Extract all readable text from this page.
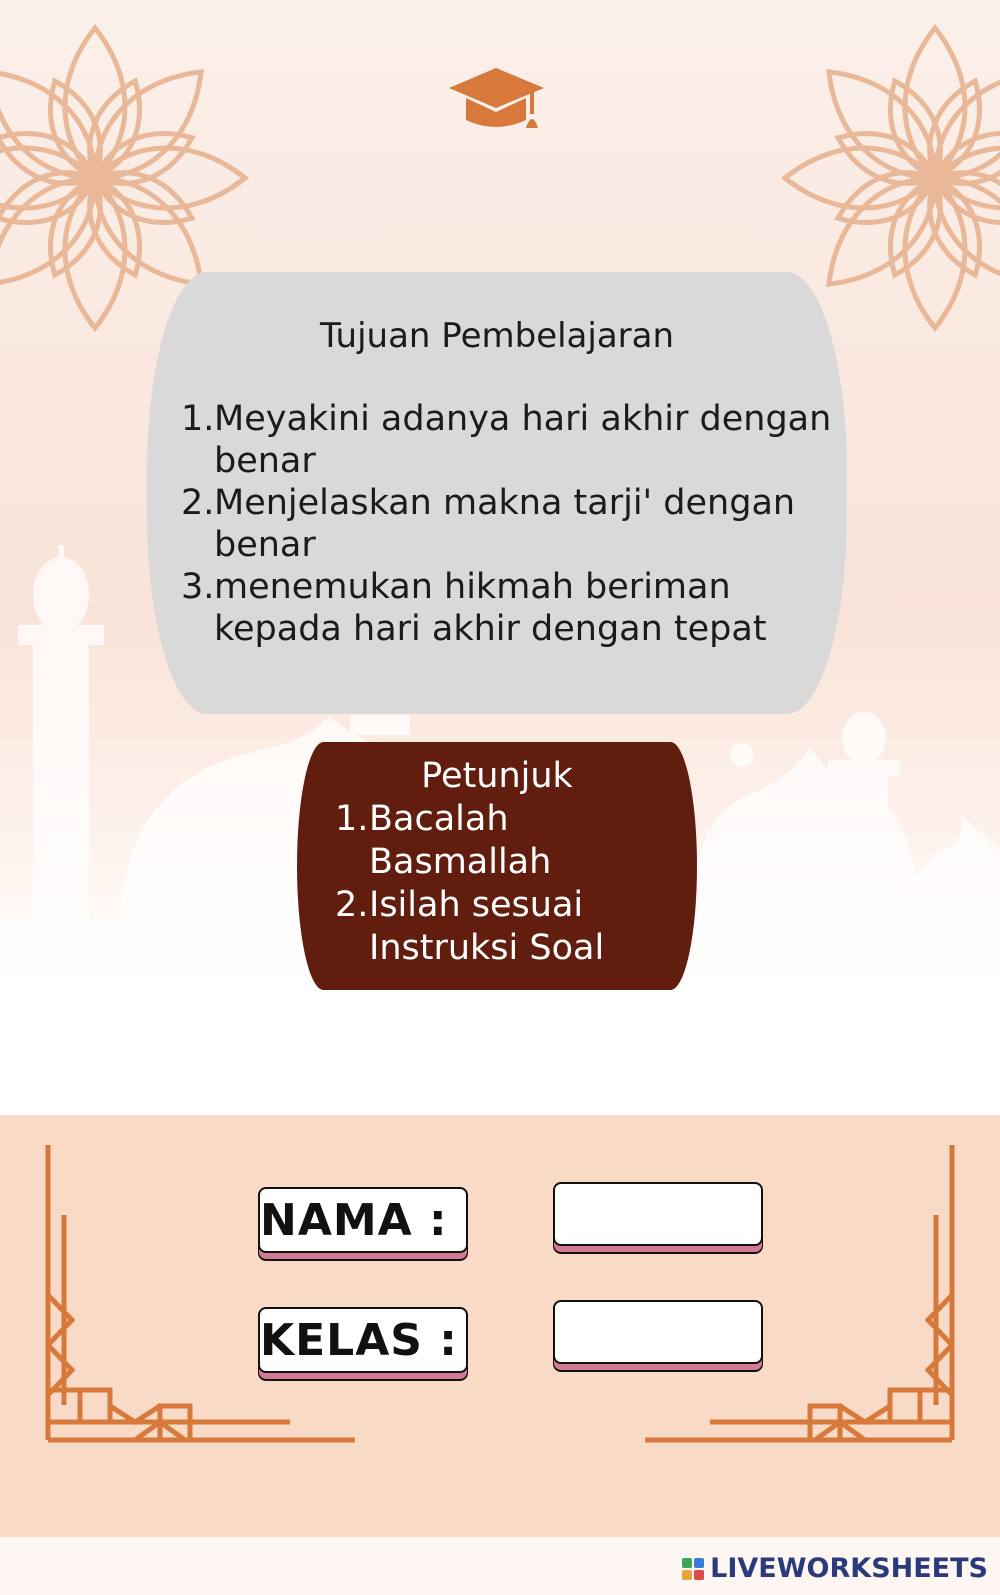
Tujuan Pembelajaran
1. Meyakini adanya hari akhir dengan benar
2. Menjelaskan makna tarji' dengan benar
3. menemukan hikmah beriman kepada hari akhir dengan tepat
Petunjuk
1. Bacalah Basmallah
2. Isilah sesuai Instruksi Soal
NAMA :
KELAS :
LIVEWORKSHEETS
